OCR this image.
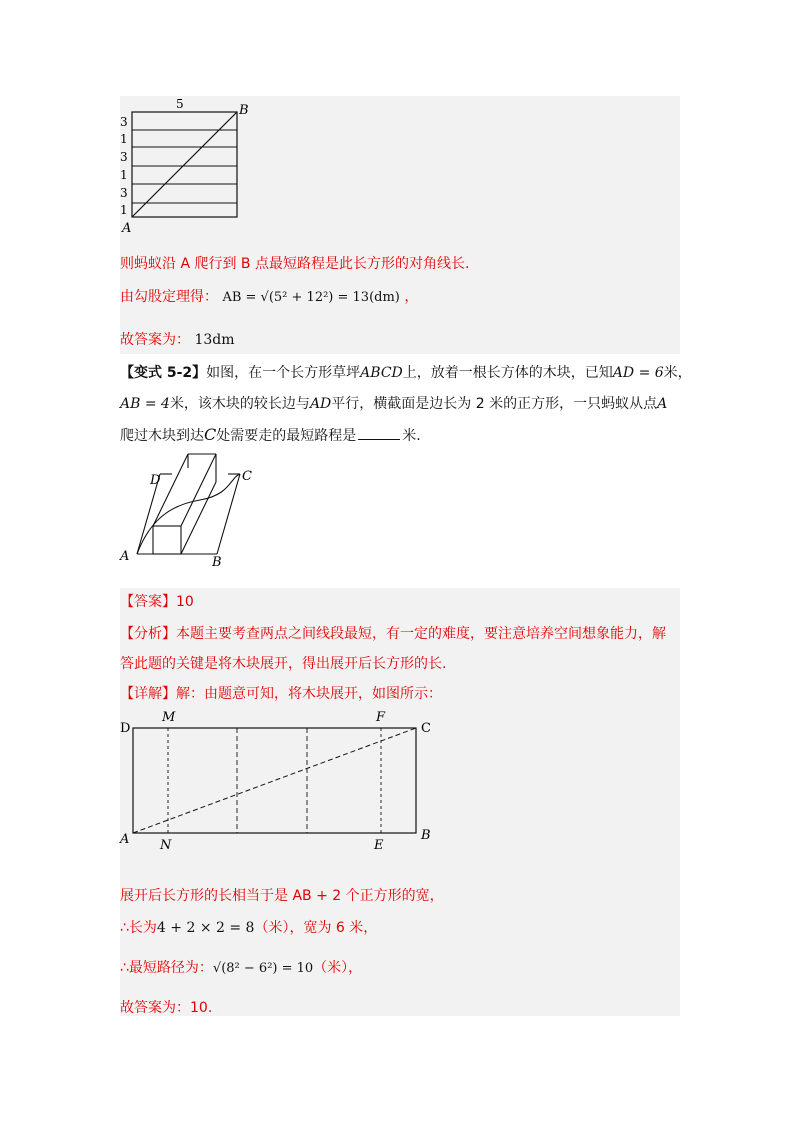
5
3
1
3
1
3
1
A
B
则蚂蚁沿 A 爬行到 B 点最短路程是此长方形的对角线长.
由勾股定理得： AB = √(5² + 12²) = 13(dm) ，
故答案为： 13dm
【变式 5-2】如图，在一个长方形草坪ABCD上，放着一根长方体的木块，已知AD = 6米，
AB = 4米，该木块的较长边与AD平行，横截面是边长为 2 米的正方形，一只蚂蚁从点A
爬过木块到达C处需要走的最短路程是	米.
A	B
C
D
【答案】10
【分析】本题主要考查两点之间线段最短，有一定的难度，要注意培养空间想象能力，解
答此题的关键是将木块展开，得出展开后长方形的长.
【详解】解：由题意可知，将木块展开，如图所示：
D
M	F
C
A N	E
B
展开后长方形的长相当于是 AB + 2 个正方形的宽，
∴长为4 + 2 × 2 = 8（米），宽为 6 米，
∴最短路径为：√(8² − 6²) = 10（米），
故答案为：10.
